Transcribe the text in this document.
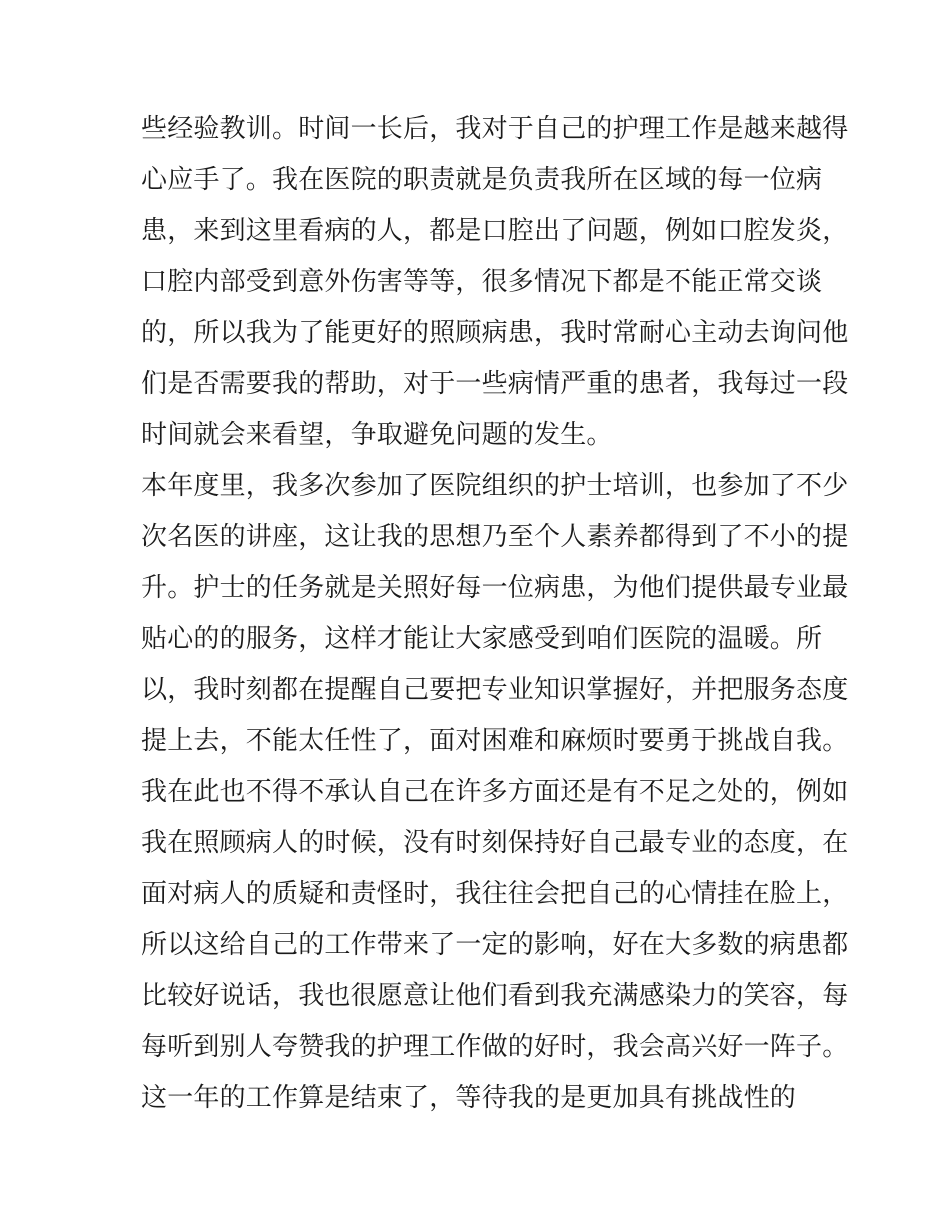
些经验教训。时间一长后，我对于自己的护理工作是越来越得
心应手了。我在医院的职责就是负责我所在区域的每一位病
患，来到这里看病的人，都是口腔出了问题，例如口腔发炎，
口腔内部受到意外伤害等等，很多情况下都是不能正常交谈
的，所以我为了能更好的照顾病患，我时常耐心主动去询问他
们是否需要我的帮助，对于一些病情严重的患者，我每过一段
时间就会来看望，争取避免问题的发生。
本年度里，我多次参加了医院组织的护士培训，也参加了不少
次名医的讲座，这让我的思想乃至个人素养都得到了不小的提
升。护士的任务就是关照好每一位病患，为他们提供最专业最
贴心的的服务，这样才能让大家感受到咱们医院的温暖。所
以，我时刻都在提醒自己要把专业知识掌握好，并把服务态度
提上去，不能太任性了，面对困难和麻烦时要勇于挑战自我。
我在此也不得不承认自己在许多方面还是有不足之处的，例如
我在照顾病人的时候，没有时刻保持好自己最专业的态度，在
面对病人的质疑和责怪时，我往往会把自己的心情挂在脸上，
所以这给自己的工作带来了一定的影响，好在大多数的病患都
比较好说话，我也很愿意让他们看到我充满感染力的笑容，每
每听到别人夸赞我的护理工作做的好时，我会高兴好一阵子。
这一年的工作算是结束了，等待我的是更加具有挑战性的
